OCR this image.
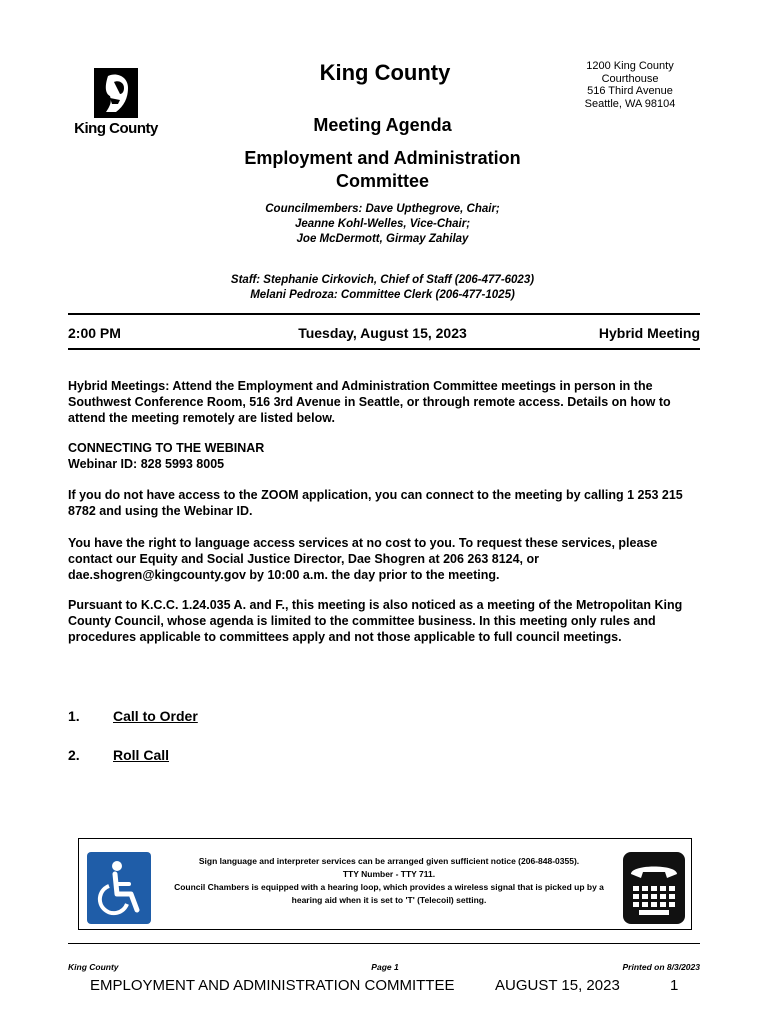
King County
King County	1200 King County
Courthouse
516 Third Avenue
Seattle, WA 98104
Meeting Agenda
Employment and Administration
Committee
Councilmembers: Dave Upthegrove, Chair;
Jeanne Kohl-Welles, Vice-Chair;
Joe McDermott, Girmay Zahilay
Staff: Stephanie Cirkovich, Chief of Staff (206-477-6023)
Melani Pedroza: Committee Clerk (206-477-1025)
2:00 PM	Tuesday, August 15, 2023	Hybrid Meeting
Hybrid Meetings: Attend the Employment and Administration Committee meetings in person in the Southwest Conference Room, 516 3rd Avenue in Seattle, or through remote access. Details on how to attend the meeting remotely are listed below.
CONNECTING TO THE WEBINAR
Webinar ID: 828 5993 8005
If you do not have access to the ZOOM application, you can connect to the meeting by calling 1 253 215 8782 and using the Webinar ID.
You have the right to language access services at no cost to you. To request these services, please contact our Equity and Social Justice Director, Dae Shogren at 206 263 8124, or dae.shogren@kingcounty.gov by 10:00 a.m. the day prior to the meeting.
Pursuant to K.C.C. 1.24.035 A. and F., this meeting is also noticed as a meeting of the Metropolitan King County Council, whose agenda is limited to the committee business. In this meeting only rules and procedures applicable to committees apply and not those applicable to full council meetings.
1. Call to Order
2. Roll Call
Sign language and interpreter services can be arranged given sufficient notice (206-848-0355).
TTY Number - TTY 711.
Council Chambers is equipped with a hearing loop, which provides a wireless signal that is picked up by a hearing aid when it is set to 'T' (Telecoil) setting.
King County	Page 1	Printed on 8/3/2023
EMPLOYMENT AND ADMINISTRATION COMMITTEE	AUGUST 15, 2023	1
